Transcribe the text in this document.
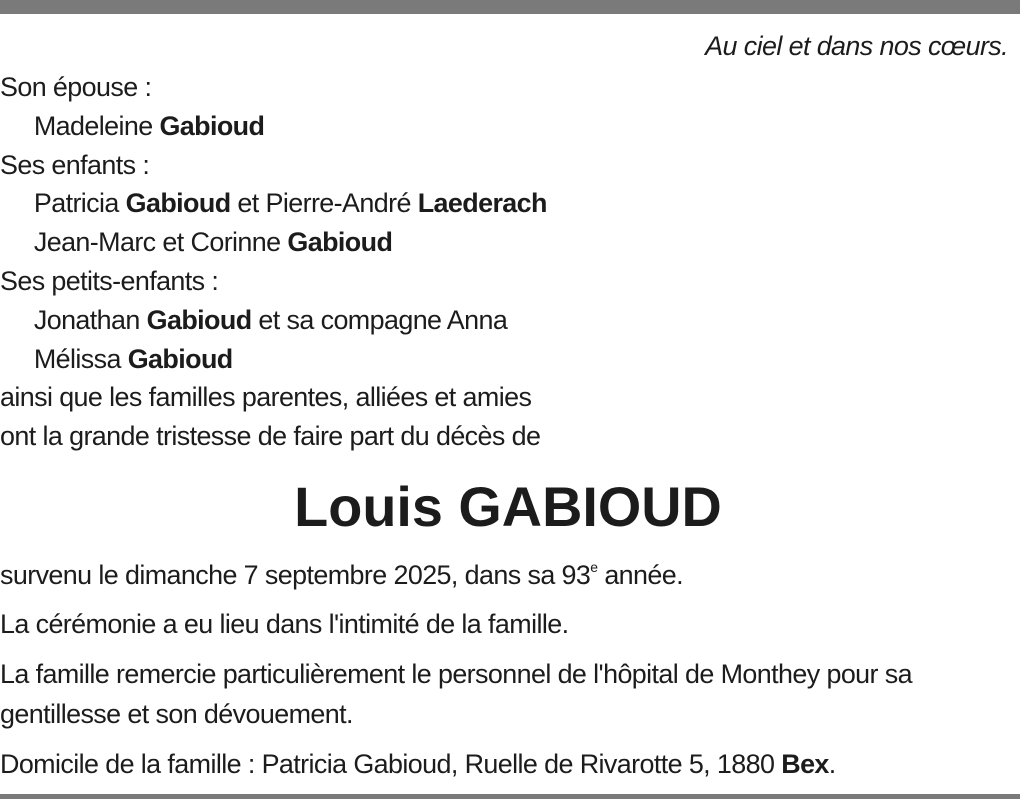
Au ciel et dans nos cœurs.
Son épouse :
Madeleine Gabioud
Ses enfants :
Patricia Gabioud et Pierre-André Laederach
Jean-Marc et Corinne Gabioud
Ses petits-enfants :
Jonathan Gabioud et sa compagne Anna
Mélissa Gabioud
ainsi que les familles parentes, alliées et amies
ont la grande tristesse de faire part du décès de
Louis GABIOUD
survenu le dimanche 7 septembre 2025, dans sa 93e année.
La cérémonie a eu lieu dans l'intimité de la famille.
La famille remercie particulièrement le personnel de l'hôpital de Monthey pour sa gentillesse et son dévouement.
Domicile de la famille : Patricia Gabioud, Ruelle de Rivarotte 5, 1880 Bex.
